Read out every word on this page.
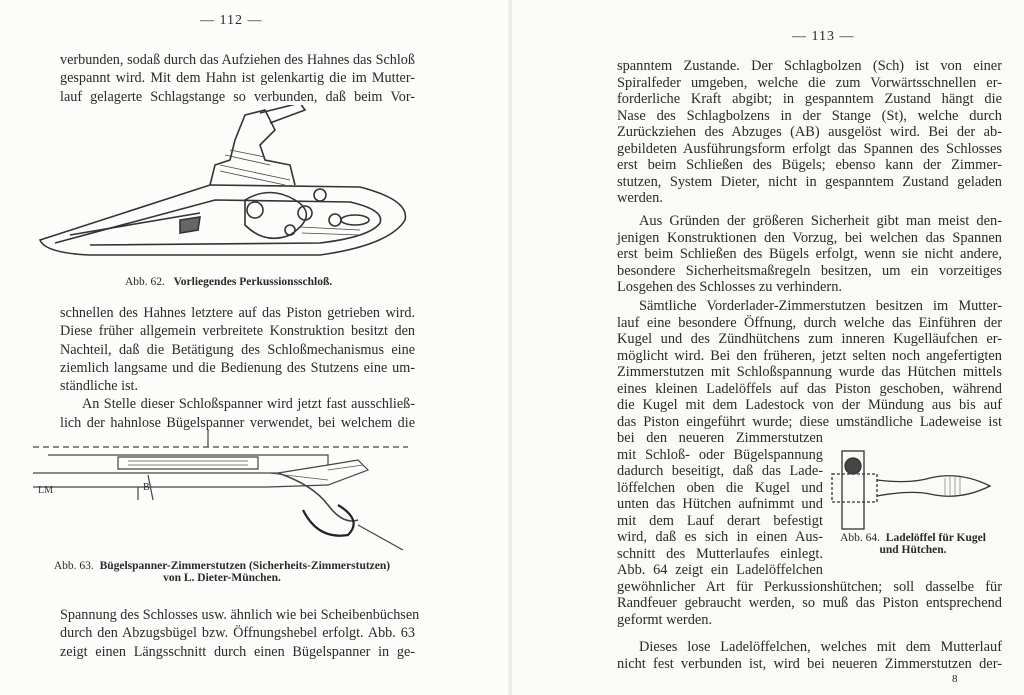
— 112 —
verbunden, sodaß durch das Aufziehen des Hahnes das Schloß
gespannt wird. Mit dem Hahn ist gelenkartig die im Mutter-
lauf gelagerte Schlagstange so verbunden, daß beim Vor-
Abb. 62. Vorliegendes Perkussionsschloß.
schnellen des Hahnes letztere auf das Piston getrieben wird.
Diese früher allgemein verbreitete Konstruktion besitzt den
Nachteil, daß die Betätigung des Schloßmechanismus eine
ziemlich langsame und die Bedienung des Stutzens eine um-
ständliche ist.
An Stelle dieser Schloßspanner wird jetzt fast ausschließ-
lich der hahnlose Bügelspanner verwendet, bei welchem die
LM	B
Abb. 63. Bügelspanner-Zimmerstutzen (Sicherheits-Zimmerstutzen)
von L. Dieter-München.
Spannung des Schlosses usw. ähnlich wie bei Scheibenbüchsen
durch den Abzugsbügel bzw. Öffnungshebel erfolgt. Abb. 63
zeigt einen Längsschnitt durch einen Bügelspanner in ge-
— 113 —
spanntem Zustande. Der Schlagbolzen (Sch) ist von einer
Spiralfeder umgeben, welche die zum Vorwärtsschnellen er-
forderliche Kraft abgibt; in gespanntem Zustand hängt die
Nase des Schlagbolzens in der Stange (St), welche durch
Zurückziehen des Abzuges (AB) ausgelöst wird. Bei der ab-
gebildeten Ausführungsform erfolgt das Spannen des Schlosses
erst beim Schließen des Bügels; ebenso kann der Zimmer-
stutzen, System Dieter, nicht in gespanntem Zustand geladen
werden.
Aus Gründen der größeren Sicherheit gibt man meist den-
jenigen Konstruktionen den Vorzug, bei welchen das Spannen
erst beim Schließen des Bügels erfolgt, wenn sie nicht andere,
besondere Sicherheitsmaßregeln besitzen, um ein vorzeitiges
Losgehen des Schlosses zu verhindern.
Sämtliche Vorderlader-Zimmerstutzen besitzen im Mutter-
lauf eine besondere Öffnung, durch welche das Einführen der
Kugel und des Zündhütchens zum inneren Kugelläufchen er-
möglicht wird. Bei den früheren, jetzt selten noch angefertigten
Zimmerstutzen mit Schloßspannung wurde das Hütchen mittels
eines kleinen Ladelöffels auf das Piston geschoben, während
die Kugel mit dem Ladestock von der Mündung aus bis auf
das Piston eingeführt wurde; diese umständliche Ladeweise ist
bei den neueren Zimmerstutzen
mit Schloß- oder Bügelspannung
dadurch beseitigt, daß das Lade-
löffelchen oben die Kugel und
unten das Hütchen aufnimmt und
mit dem Lauf derart befestigt
wird, daß es sich in einen Aus-
schnitt des Mutterlaufes einlegt.
Abb. 64 zeigt ein Ladelöffelchen
gewöhnlicher Art für Perkussionshütchen; soll dasselbe für
Randfeuer gebraucht werden, so muß das Piston entsprechend
geformt werden.
Abb. 64. Ladelöffel für Kugel
und Hütchen.
Dieses lose Ladelöffelchen, welches mit dem Mutterlauf
nicht fest verbunden ist, wird bei neueren Zimmerstutzen der-
8
